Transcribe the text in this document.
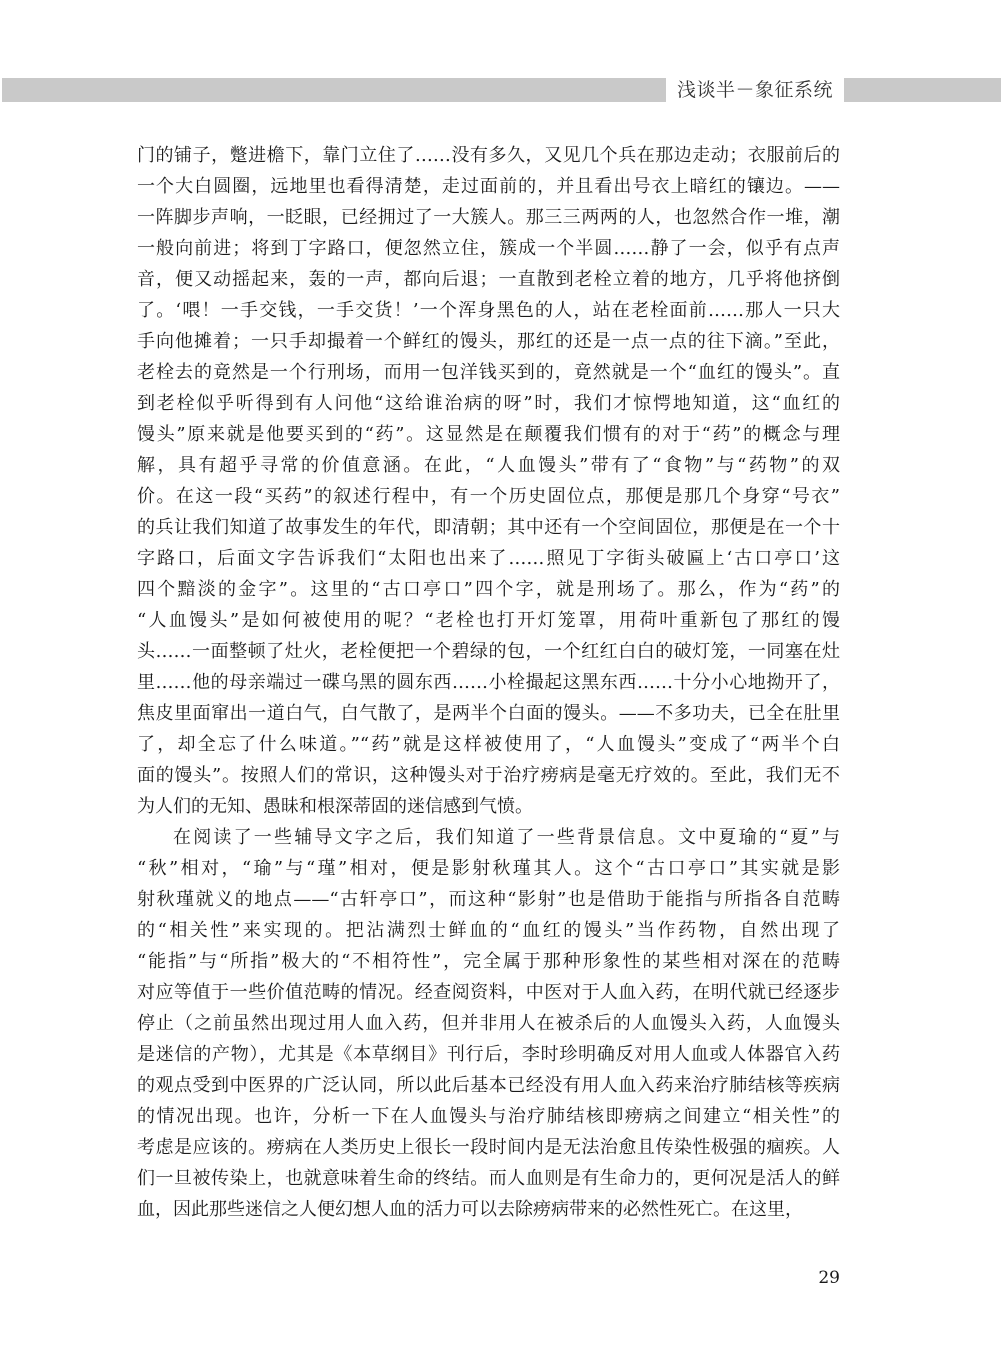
浅谈半－象征系统
门的铺子，蹩进檐下，靠门立住了……没有多久，又见几个兵在那边走动；衣服前后的
一个大白圆圈，远地里也看得清楚，走过面前的，并且看出号衣上暗红的镶边。——
一阵脚步声响，一眨眼，已经拥过了一大簇人。那三三两两的人，也忽然合作一堆，潮
一般向前进；将到丁字路口，便忽然立住，簇成一个半圆……静了一会，似乎有点声
音，便又动摇起来，轰的一声，都向后退；一直散到老栓立着的地方，几乎将他挤倒
了。‘喂！一手交钱，一手交货！’一个浑身黑色的人，站在老栓面前……那人一只大
手向他摊着；一只手却撮着一个鲜红的馒头，那红的还是一点一点的往下滴。”至此，
老栓去的竟然是一个行刑场，而用一包洋钱买到的，竟然就是一个“血红的馒头”。直
到老栓似乎听得到有人问他“这给谁治病的呀”时，我们才惊愕地知道，这“血红的
馒头”原来就是他要买到的“药”。这显然是在颠覆我们惯有的对于“药”的概念与理
解，具有超乎寻常的价值意涵。在此，“人血馒头”带有了“食物”与“药物”的双
价。在这一段“买药”的叙述行程中，有一个历史固位点，那便是那几个身穿“号衣”
的兵让我们知道了故事发生的年代，即清朝；其中还有一个空间固位，那便是在一个十
字路口，后面文字告诉我们“太阳也出来了……照见丁字街头破匾上‘古口亭口’这
四个黯淡的金字”。这里的“古口亭口”四个字，就是刑场了。那么，作为“药”的
“人血馒头”是如何被使用的呢？“老栓也打开灯笼罩，用荷叶重新包了那红的馒
头……一面整顿了灶火，老栓便把一个碧绿的包，一个红红白白的破灯笼，一同塞在灶
里……他的母亲端过一碟乌黑的圆东西……小栓撮起这黑东西……十分小心地拗开了，
焦皮里面窜出一道白气，白气散了，是两半个白面的馒头。——不多功夫，已全在肚里
了，却全忘了什么味道。”“药”就是这样被使用了，“人血馒头”变成了“两半个白
面的馒头”。按照人们的常识，这种馒头对于治疗痨病是毫无疗效的。至此，我们无不
为人们的无知、愚昧和根深蒂固的迷信感到气愤。
在阅读了一些辅导文字之后，我们知道了一些背景信息。文中夏瑜的“夏”与
“秋”相对，“瑜”与“瑾”相对，便是影射秋瑾其人。这个“古口亭口”其实就是影
射秋瑾就义的地点——“古轩亭口”，而这种“影射”也是借助于能指与所指各自范畴
的“相关性”来实现的。把沾满烈士鲜血的“血红的馒头”当作药物，自然出现了
“能指”与“所指”极大的“不相符性”，完全属于那种形象性的某些相对深在的范畴
对应等值于一些价值范畴的情况。经查阅资料，中医对于人血入药，在明代就已经逐步
停止（之前虽然出现过用人血入药，但并非用人在被杀后的人血馒头入药，人血馒头
是迷信的产物），尤其是《本草纲目》刊行后，李时珍明确反对用人血或人体器官入药
的观点受到中医界的广泛认同，所以此后基本已经没有用人血入药来治疗肺结核等疾病
的情况出现。也许，分析一下在人血馒头与治疗肺结核即痨病之间建立“相关性”的
考虑是应该的。痨病在人类历史上很长一段时间内是无法治愈且传染性极强的痼疾。人
们一旦被传染上，也就意味着生命的终结。而人血则是有生命力的，更何况是活人的鲜
血，因此那些迷信之人便幻想人血的活力可以去除痨病带来的必然性死亡。在这里，
29
